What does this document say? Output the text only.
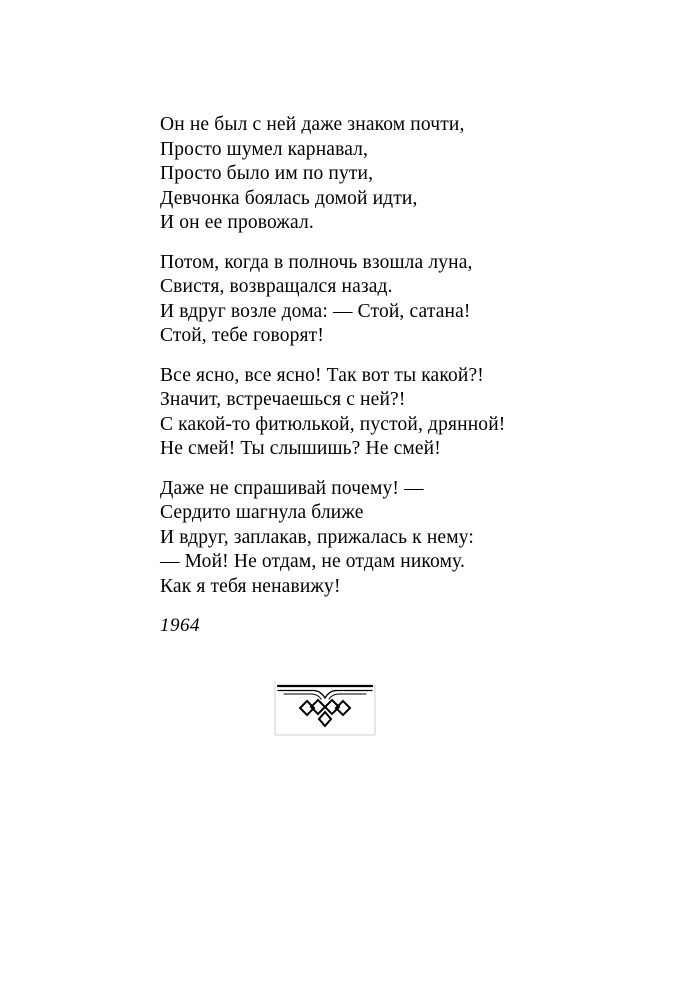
Он не был с ней даже знаком почти,
Просто шумел карнавал,
Просто было им по пути,
Девчонка боялась домой идти,
И он ее провожал.
Потом, когда в полночь взошла луна,
Свистя, возвращался назад.
И вдруг возле дома: — Стой, сатана!
Стой, тебе говорят!
Все ясно, все ясно! Так вот ты какой?!
Значит, встречаешься с ней?!
С какой-то фитюлькой, пустой, дрянной!
Не смей! Ты слышишь? Не смей!
Даже не спрашивай почему! —
Сердито шагнула ближе
И вдруг, заплакав, прижалась к нему:
— Мой! Не отдам, не отдам никому.
Как я тебя ненавижу!
1964
